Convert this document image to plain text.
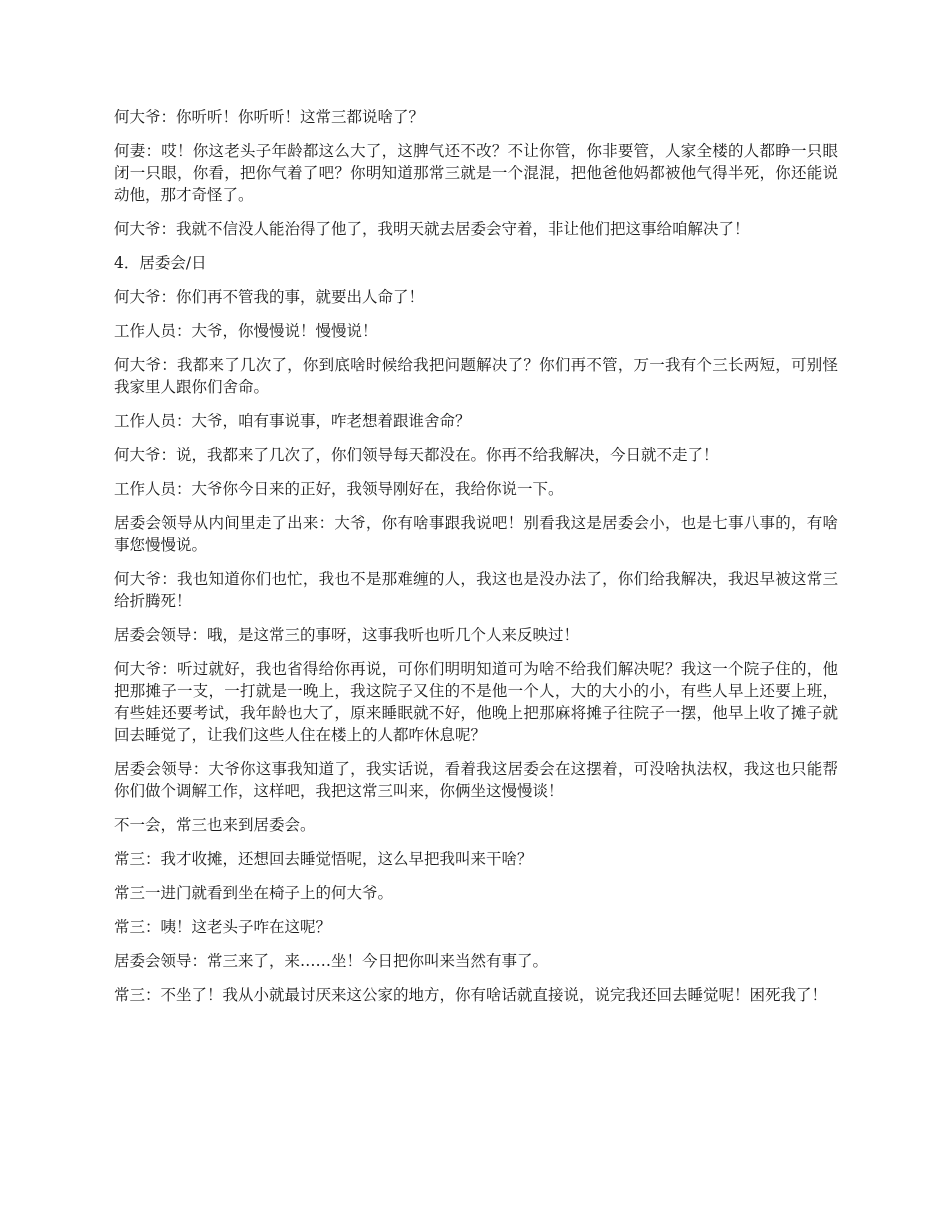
何大爷：你听听！你听听！这常三都说啥了？

何妻：哎！你这老头子年龄都这么大了，这脾气还不改？不让你管，你非要管，人家全楼的人都睁一只眼闭一只眼，你看，把你气着了吧？你明知道那常三就是一个混混，把他爸他妈都被他气得半死，你还能说动他，那才奇怪了。

何大爷：我就不信没人能治得了他了，我明天就去居委会守着，非让他们把这事给咱解决了！

4．居委会/日

何大爷：你们再不管我的事，就要出人命了！

工作人员：大爷，你慢慢说！慢慢说！

何大爷：我都来了几次了，你到底啥时候给我把问题解决了？你们再不管，万一我有个三长两短，可别怪我家里人跟你们舍命。

工作人员：大爷，咱有事说事，咋老想着跟谁舍命？

何大爷：说，我都来了几次了，你们领导每天都没在。你再不给我解决，今日就不走了！

工作人员：大爷你今日来的正好，我领导刚好在，我给你说一下。

居委会领导从内间里走了出来：大爷，你有啥事跟我说吧！别看我这是居委会小，也是七事八事的，有啥事您慢慢说。

何大爷：我也知道你们也忙，我也不是那难缠的人，我这也是没办法了，你们给我解决，我迟早被这常三给折腾死！

居委会领导：哦，是这常三的事呀，这事我听也听几个人来反映过！

何大爷：听过就好，我也省得给你再说，可你们明明知道可为啥不给我们解决呢？我这一个院子住的，他把那摊子一支，一打就是一晚上，我这院子又住的不是他一个人，大的大小的小，有些人早上还要上班，有些娃还要考试，我年龄也大了，原来睡眠就不好，他晚上把那麻将摊子往院子一摆，他早上收了摊子就回去睡觉了，让我们这些人住在楼上的人都咋休息呢？

居委会领导：大爷你这事我知道了，我实话说，看着我这居委会在这摆着，可没啥执法权，我这也只能帮你们做个调解工作，这样吧，我把这常三叫来，你俩坐这慢慢谈！

不一会，常三也来到居委会。

常三：我才收摊，还想回去睡觉悟呢，这么早把我叫来干啥？

常三一进门就看到坐在椅子上的何大爷。

常三：咦！这老头子咋在这呢？

居委会领导：常三来了，来……坐！今日把你叫来当然有事了。

常三：不坐了！我从小就最讨厌来这公家的地方，你有啥话就直接说，说完我还回去睡觉呢！困死我了！
